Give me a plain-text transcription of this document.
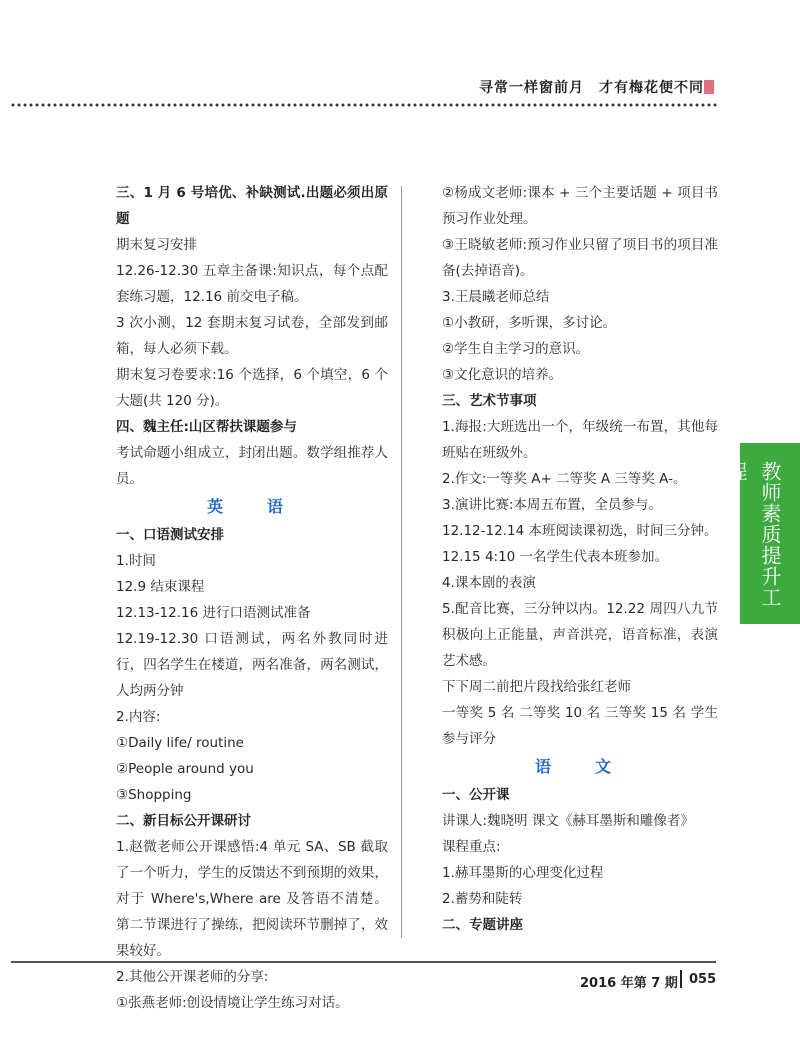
寻常一样窗前月　才有梅花便不同

三、1 月 6 号培优、补缺测试.出题必须出原题

期末复习安排

12.26-12.30 五章主备课:知识点，每个点配套练习题，12.16 前交电子稿。

3 次小测，12 套期末复习试卷，全部发到邮箱，每人必须下载。

期末复习卷要求:16 个选择，6 个填空，6 个大题(共 120 分)。

四、魏主任:山区帮扶课题参与

考试命题小组成立，封闭出题。数学组推荐人员。

英　语

一、口语测试安排

1.时间

12.9 结束课程

12.13-12.16 进行口语测试准备

12.19-12.30 口语测试，两名外教同时进行，四名学生在楼道，两名准备，两名测试，人均两分钟

2.内容:

①Daily life/ routine

②People around you

③Shopping

二、新目标公开课研讨

1.赵微老师公开课感悟:4 单元 SA、SB 截取了一个听力，学生的反馈达不到预期的效果，对于 Where's,Where are 及答语不清楚。第二节课进行了操练，把阅读环节删掉了，效果较好。

2.其他公开课老师的分享:

①张燕老师:创设情境让学生练习对话。

②杨成文老师:课本 + 三个主要话题 + 项目书预习作业处理。

③王晓敏老师:预习作业只留了项目书的项目准备(去掉语音)。

3.王晨曦老师总结

①小教研，多听课，多讨论。

②学生自主学习的意识。

③文化意识的培养。

三、艺术节事项

1.海报:大班选出一个，年级统一布置，其他每班贴在班级外。

2.作文:一等奖 A+ 二等奖 A 三等奖 A-。

3.演讲比赛:本周五布置，全员参与。

12.12-12.14 本班阅读课初选，时间三分钟。

12.15 4:10 一名学生代表本班参加。

4.课本剧的表演

5.配音比赛，三分钟以内。12.22 周四八九节积极向上正能量，声音洪亮，语音标准，表演艺术感。

下下周二前把片段找给张红老师

一等奖 5 名 二等奖 10 名 三等奖 15 名 学生参与评分

语　文

一、公开课

讲课人:魏晓明 课文《赫耳墨斯和雕像者》

课程重点:

1.赫耳墨斯的心理变化过程

2.蓄势和陡转

二、专题讲座

教师素质提升工程
2016 年第 7 期 055
